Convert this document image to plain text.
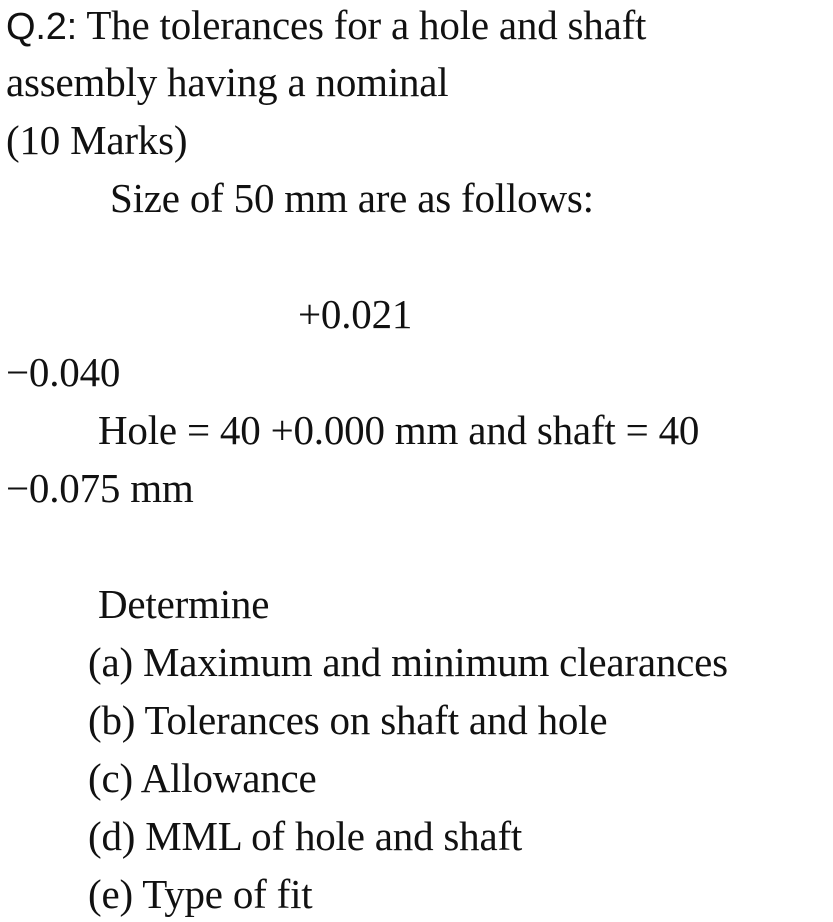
Q.2: The tolerances for a hole and shaft
assembly having a nominal
(10 Marks)
Size of 50 mm are as follows:
+0.021
−0.040
Hole = 40 +0.000 mm and shaft = 40
−0.075 mm
Determine
(a) Maximum and minimum clearances
(b) Tolerances on shaft and hole
(c) Allowance
(d) MML of hole and shaft
(e) Type of fit
